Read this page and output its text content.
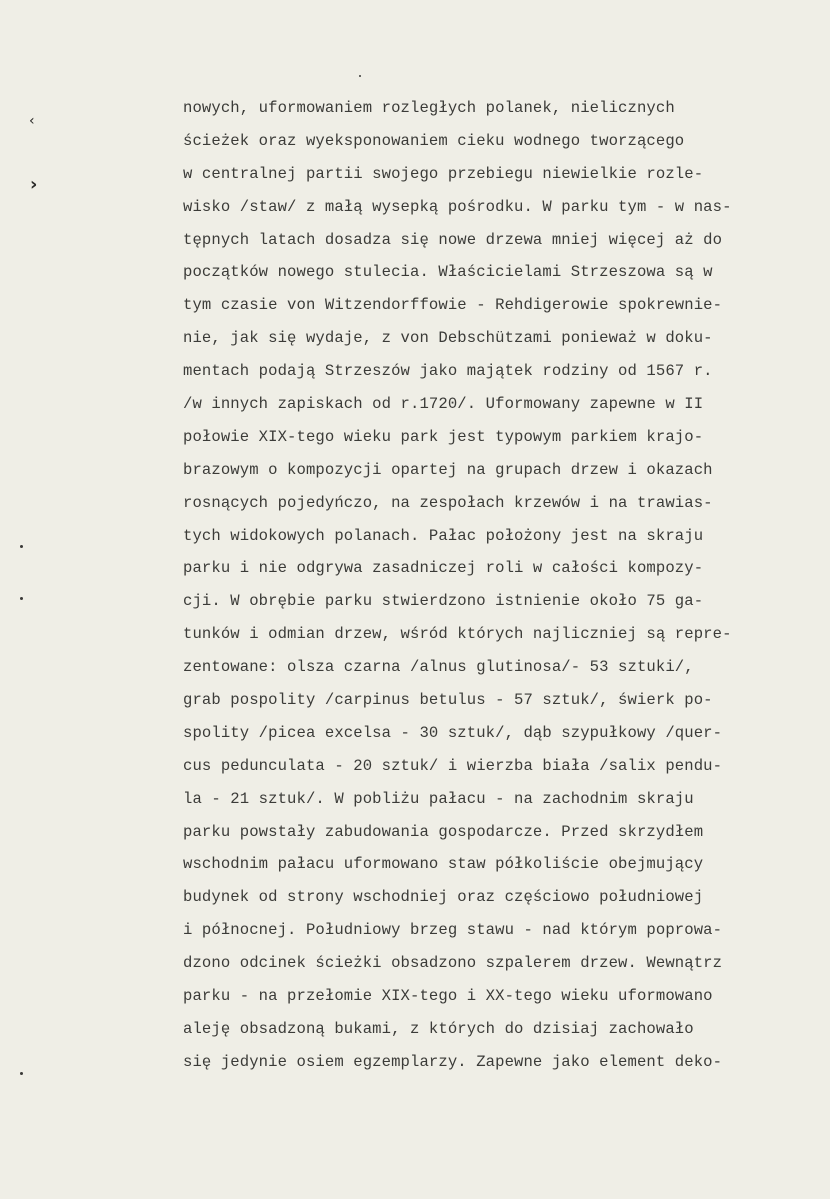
‹
›
nowych, uformowaniem rozległych polanek, nielicznych
ścieżek oraz wyeksponowaniem cieku wodnego tworzącego
w centralnej partii swojego przebiegu niewielkie rozle-
wisko /staw/ z małą wysepką pośrodku. W parku tym - w nas-
tępnych latach dosadza się nowe drzewa mniej więcej aż do
początków nowego stulecia. Właścicielami Strzeszowa są w
tym czasie von Witzendorffowie - Rehdigerowie spokrewnie-
nie, jak się wydaje, z von Debschützami ponieważ w doku-
mentach podają Strzeszów jako majątek rodziny od 1567 r.
/w innych zapiskach od r.1720/. Uformowany zapewne w II
połowie XIX-tego wieku park jest typowym parkiem krajo-
brazowym o kompozycji opartej na grupach drzew i okazach
rosnących pojedyńczo, na zespołach krzewów i na trawias-
tych widokowych polanach. Pałac położony jest na skraju
parku i nie odgrywa zasadniczej roli w całości kompozy-
cji. W obrębie parku stwierdzono istnienie około 75 ga-
tunków i odmian drzew, wśród których najliczniej są repre-
zentowane: olsza czarna /alnus glutinosa/- 53 sztuki/,
grab pospolity /carpinus betulus - 57 sztuk/, świerk po-
spolity /picea excelsa - 30 sztuk/, dąb szypułkowy /quer-
cus pedunculata - 20 sztuk/ i wierzba biała /salix pendu-
la - 21 sztuk/. W pobliżu pałacu - na zachodnim skraju
parku powstały zabudowania gospodarcze. Przed skrzydłem
wschodnim pałacu uformowano staw półkoliście obejmujący
budynek od strony wschodniej oraz częściowo południowej
i północnej. Południowy brzeg stawu - nad którym poprowa-
dzono odcinek ścieżki obsadzono szpalerem drzew. Wewnątrz
parku - na przełomie XIX-tego i XX-tego wieku uformowano
aleję obsadzoną bukami, z których do dzisiaj zachowało
się jedynie osiem egzemplarzy. Zapewne jako element deko-
